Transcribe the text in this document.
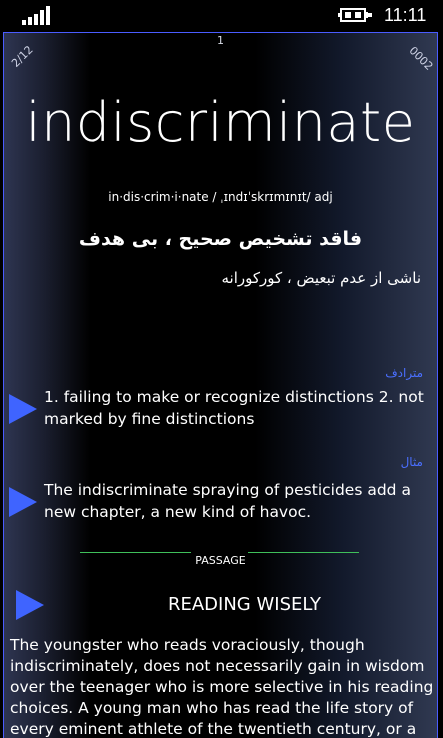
11:11
2/12
1
0002
indiscriminate
in·dis·crim·i·nate / ˌɪndɪˈskrɪmɪnɪt/ adj
فاقد تشخیص صحیح ، بی هدف
ناشی از عدم تبعیض ، کورکورانه
مترادف
1. failing to make or recognize distinctions 2. not marked by fine distinctions
مثال
The indiscriminate spraying of pesticides add a new chapter, a new kind of havoc.
PASSAGE
READING WISELY
The youngster who reads voraciously, though indiscriminately, does not necessarily gain in wisdom over the teenager who is more selective in his reading choices. A young man who has read the life story of every eminent athlete of the twentieth century, or a
